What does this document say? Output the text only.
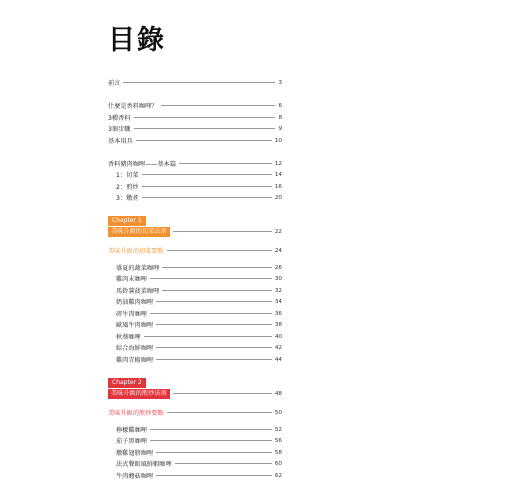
目錄
前言	3
什麼是香料咖哩？	6
3種香料	8
3個步驟	9
基本用具	10
香料豬肉咖哩——基本篇	12
1：切菜	14
2：煎炒	16
3：燉煮	20
Chapter 1
美味升級的切菜法則	22
美味升級的切菜要點	24
盛夏的蔬菜咖哩	26
雞肉末咖哩	30
馬鈴薯菠菜咖哩	32
奶油雞肉咖哩	34
碎牛肉咖哩	36
歐風牛肉咖哩	38
秋葵咖哩	40
綜合海鮮咖哩	42
雞肉青椒咖哩	44
Chapter 2
美味升級的煎炒法則	48
美味升級的煎炒要點	50
檸檬雞咖哩	52
茄子黑咖哩	56
燉雞翅膀咖哩	58
法式餐館風鮮蝦咖哩	60
牛肉蘑菇咖哩	62
